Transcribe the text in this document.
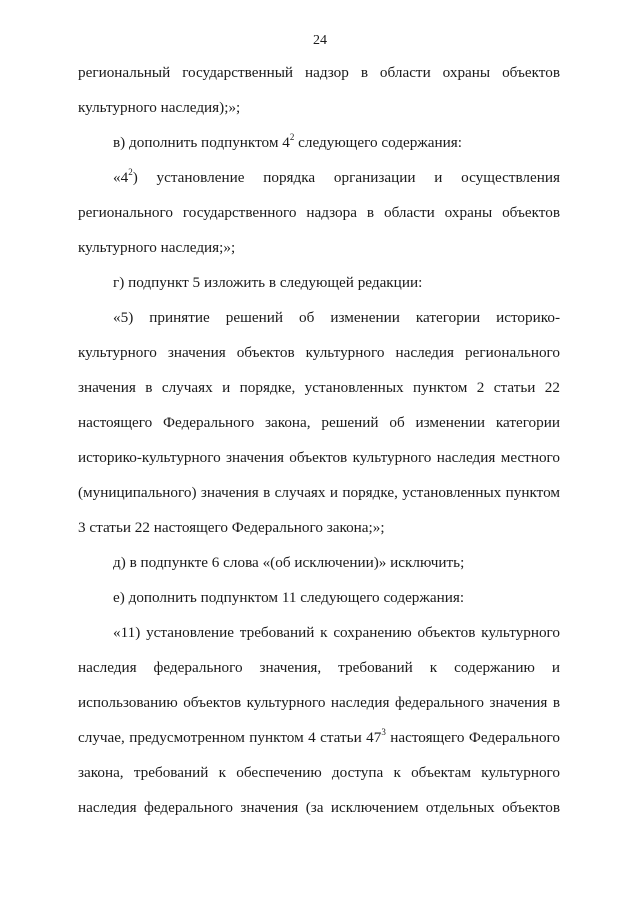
24
региональный государственный надзор в области охраны объектов
культурного наследия);»;
в) дополнить подпунктом $4^2$ следующего содержания:
«$4^2$) установление порядка организации и осуществления
регионального государственного надзора в области охраны объектов
культурного наследия;»;
г) подпункт 5 изложить в следующей редакции:
«5) принятие решений об изменении категории историко-
культурного значения объектов культурного наследия регионального
значения в случаях и порядке, установленных пунктом 2 статьи 22
настоящего Федерального закона, решений об изменении категории
историко-культурного значения объектов культурного наследия местного
(муниципального) значения в случаях и порядке, установленных пунктом
3 статьи 22 настоящего Федерального закона;»;
д) в подпункте 6 слова «(об исключении)» исключить;
е) дополнить подпунктом 11 следующего содержания:
«11) установление требований к сохранению объектов культурного
наследия федерального значения, требований к содержанию и
использованию объектов культурного наследия федерального значения в
случае, предусмотренном пунктом 4 статьи $47^3$ настоящего Федерального
закона, требований к обеспечению доступа к объектам культурного
наследия федерального значения (за исключением отдельных объектов
